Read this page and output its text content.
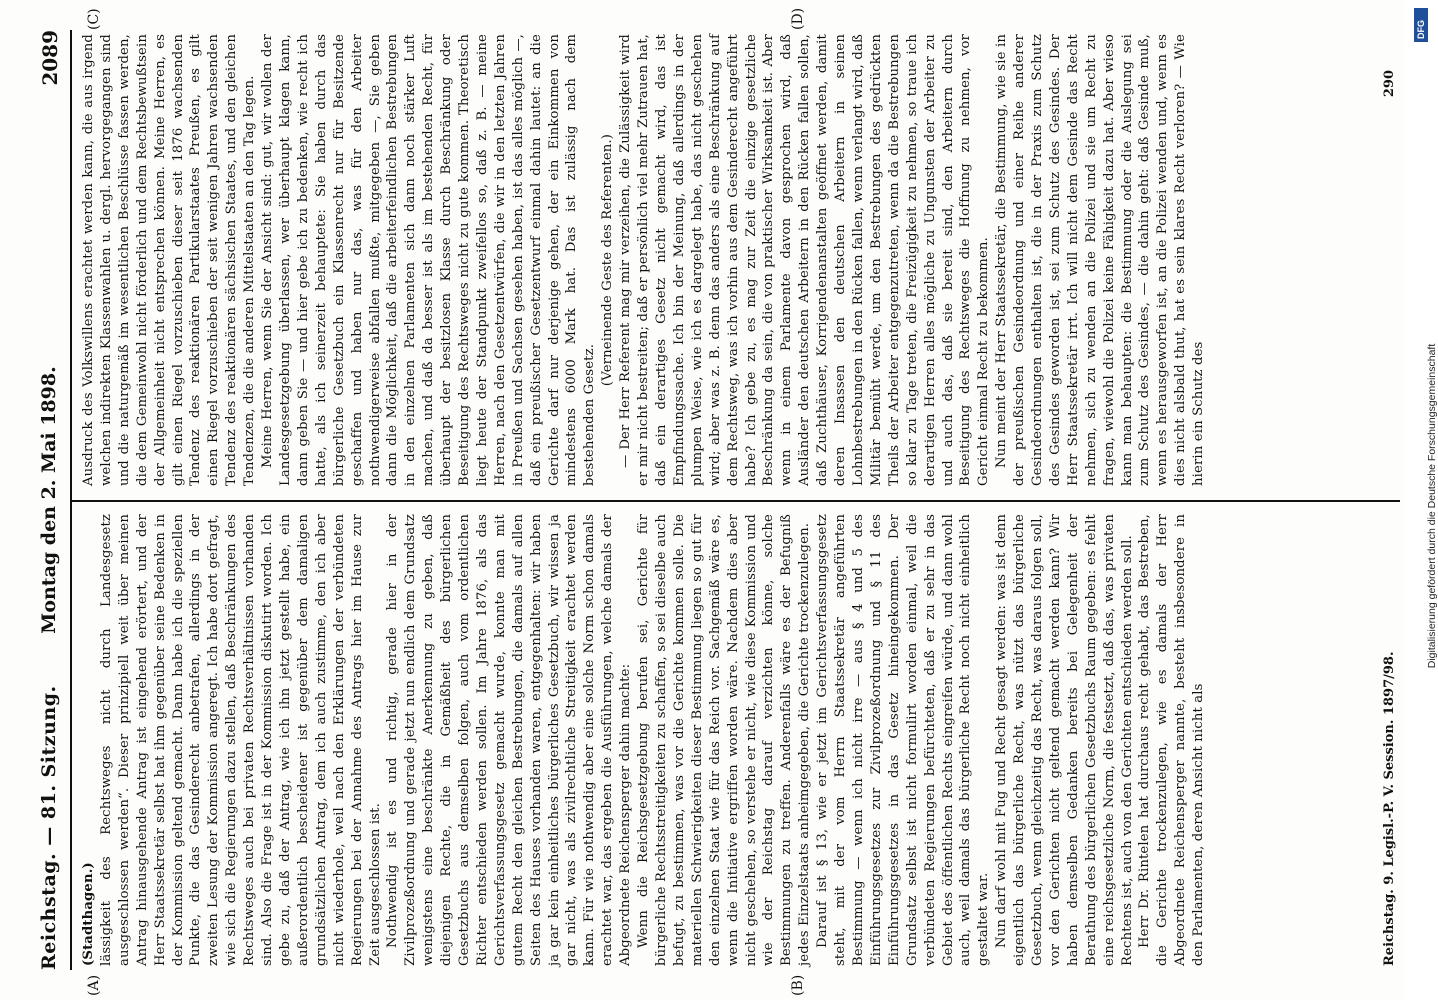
Reichstag. — 81. Sitzung.
Montag den 2. Mai 1898.
2089

(Stadthagen.) lässigkeit des Rechtsweges nicht durch Landesgesetz ausgeschlossen werden“. Dieser prinzipiell weit über meinen Antrag hinausgehende Antrag ist eingehend erörtert, und der Herr Staatssekretär selbst hat ihm gegenüber seine Bedenken in der Kommission geltend gemacht. Dann habe ich die speziellen Punkte, die das Gesinderecht anbetrafen, allerdings in der zweiten Lesung der Kommission angeregt. Ich habe dort gefragt, wie sich die Regierungen dazu stellen, daß Beschränkungen des Rechtsweges auch bei privaten Rechtsverhältnissen vorhanden sind. Also die Frage ist in der Kommission diskutirt worden. Ich gebe zu, daß der Antrag, wie ich ihn jetzt gestellt habe, ein außerordentlich bescheidener ist gegenüber dem damaligen grundsätzlichen Antrag, dem ich auch zustimme, den ich aber nicht wiederhole, weil nach den Erklärungen der verbündeten Regierungen bei der Annahme des Antrags hier im Hause zur Zeit ausgeschlossen ist. Nothwendig ist es und richtig, gerade hier in der Zivilprozeßordnung und gerade jetzt nun endlich dem Grundsatz wenigstens eine beschränkte Anerkennung zu geben, daß diejenigen Rechte, die in Gemäßheit des bürgerlichen Gesetzbuchs aus demselben folgen, auch vom ordentlichen Richter entschieden werden sollen. Im Jahre 1876, als das Gerichtsverfassungsgesetz gemacht wurde, konnte man mit gutem Recht den gleichen Bestrebungen, die damals auf allen Seiten des Hauses vorhanden waren, entgegenhalten: wir haben ja gar kein einheitliches bürgerliches Gesetzbuch, wir wissen ja gar nicht, was als zivilrechtliche Streitigkeit erachtet werden kann. Für wie nothwendig aber eine solche Norm schon damals erachtet war, das ergeben die Ausführungen, welche damals der Abgeordnete Reichensperger dahin machte: Wenn die Reichsgesetzgebung berufen sei, Gerichte für bürgerliche Rechtsstreitigkeiten zu schaffen, so sei dieselbe auch befugt, zu bestimmen, was vor die Gerichte kommen solle. Die materiellen Schwierigkeiten dieser Bestimmung liegen so gut für den einzelnen Staat wie für das Reich vor. Sachgemäß wäre es, wenn die Initiative ergriffen worden wäre. Nachdem dies aber nicht geschehen, so verstehe er nicht, wie diese Kommission und wie der Reichstag darauf verzichten könne, solche Bestimmungen zu treffen. Anderenfalls wäre es der Befugniß jedes Einzelstaats anheimgegeben, die Gerichte trockenzulegen. Darauf ist § 13, wie er jetzt im Gerichtsverfassungsgesetz steht, mit der vom Herrn Staatssekretär angeführten Bestimmung — wenn ich nicht irre — aus § 4 und 5 des Einführungsgesetzes zur Zivilprozeßordnung und § 11 des Einführungsgesetzes in das Gesetz hineingekommen. Der Grundsatz selbst ist nicht formulirt worden einmal, weil die verbündeten Regierungen befürchteten, daß er zu sehr in das Gebiet des öffentlichen Rechts eingreifen würde, und dann wohl auch, weil damals das bürgerliche Recht noch nicht einheitlich gestaltet war. Nun darf wohl mit Fug und Recht gesagt werden: was ist denn eigentlich das bürgerliche Recht, was nützt das bürgerliche Gesetzbuch, wenn gleichzeitig das Recht, was daraus folgen soll, vor den Gerichten nicht geltend gemacht werden kann? Wir haben demselben Gedanken bereits bei Gelegenheit der Berathung des bürgerlichen Gesetzbuchs Raum gegeben: es fehlt eine reichsgesetzliche Norm, die festsetzt, daß das, was privaten Rechtens ist, auch von den Gerichten entschieden werden soll. Herr Dr. Rintelen hat durchaus recht gehabt, das Bestreben, die Gerichte trockenzulegen, wie es damals der Herr Abgeordnete Reichensperger nannte, besteht insbesondere in den Parlamenten, deren Ansicht nicht als

Ausdruck des Volkswillens erachtet werden kann, die aus irgend welchen indirekten Klassenwahlen u. dergl. hervorgegangen sind und die naturgemäß im wesentlichen Beschlüsse fassen werden, die dem Gemeinwohl nicht förderlich und dem Rechtsbewußtsein der Allgemeinheit nicht entsprechen können. Meine Herren, es gilt einen Riegel vorzuschieben dieser seit 1876 wachsenden Tendenz des reaktionären Partikularstaates Preußen, es gilt einen Riegel vorzuschieben der seit wenigen Jahren wachsenden Tendenz des reaktionären sächsischen Staates, und den gleichen Tendenzen, die die anderen Mittelstaaten an den Tag legen. Meine Herren, wenn Sie der Ansicht sind: gut, wir wollen der Landesgesetzgebung überlassen, wer überhaupt klagen kann, dann geben Sie — und hier gebe ich zu bedenken, wie recht ich hatte, als ich seinerzeit behauptete: Sie haben durch das bürgerliche Gesetzbuch ein Klassenrecht nur für Besitzende geschaffen und haben nur das, was für den Arbeiter nothwendigerweise abfallen mußte, mitgegeben —, Sie geben dann die Möglichkeit, daß die arbeiterfeindlichen Bestrebungen in den einzelnen Parlamenten sich dann noch stärker Luft machen, und daß da besser ist als im bestehenden Recht, für überhaupt der besitzlosen Klasse durch Beschränkung oder Beseitigung des Rechtsweges nicht zu gute kommen. Theoretisch liegt heute der Standpunkt zweifellos so, daß z. B. — meine Herren, nach den Gesetzentwürfen, die wir in den letzten Jahren in Preußen und Sachsen gesehen haben, ist das alles möglich —, daß ein preußischer Gesetzentwurf einmal dahin lautet: an die Gerichte darf nur derjenige gehen, der ein Einkommen von mindestens 6000 Mark hat. Das ist zulässig nach dem bestehenden Gesetz.

(Verneinende Geste des Referenten.) — Der Herr Referent mag mir verzeihen, die Zulässigkeit wird er mir nicht bestreiten; daß er persönlich viel mehr Zutrauen hat, daß ein derartiges Gesetz nicht gemacht wird, das ist Empfindungssache. Ich bin der Meinung, daß allerdings in der plumpen Weise, wie ich es dargelegt habe, das nicht geschehen wird; aber was z. B. denn das anders als eine Beschränkung auf dem Rechtsweg, was ich vorhin aus dem Gesinderecht angeführt habe? Ich gebe zu, es mag zur Zeit die einzige gesetzliche Beschränkung da sein, die von praktischer Wirksamkeit ist. Aber wenn in einem Parlamente davon gesprochen wird, daß Ausländer den deutschen Arbeitern in den Rücken fallen sollen, daß Zuchthäuser, Korrigendenanstalten geöffnet werden, damit deren Insassen den deutschen Arbeitern in seinen Lohnbestrebungen in den Rücken fallen, wenn verlangt wird, daß Militär bemüht werde, um den Bestrebungen des gedrückten Theils der Arbeiter entgegenzutreten, wenn da die Bestrebungen so klar zu Tage treten, die Freizügigkeit zu nehmen, so traue ich derartigen Herren alles mögliche zu Ungunsten der Arbeiter zu und auch das, daß sie bereit sind, den Arbeitern durch Beseitigung des Rechtsweges die Hoffnung zu nehmen, vor Gericht einmal Recht zu bekommen. Nun meint der Herr Staatssekretär, die Bestimmung, wie sie in der preußischen Gesindeordnung und einer Reihe anderer Gesindeordnungen enthalten ist, die in der Praxis zum Schutz des Gesindes geworden ist, sei zum Schutz des Gesindes. Der Herr Staatssekretär irrt. Ich will nicht dem Gesinde das Recht nehmen, sich zu wenden an die Polizei und sie um Recht zu fragen, wiewohl die Polizei keine Fähigkeit dazu hat. Aber wieso kann man behaupten: die Bestimmung oder die Auslegung sei zum Schutz des Gesindes, — die dahin geht: daß Gesinde muß, wenn es herausgeworfen ist, an die Polizei wenden und, wenn es dies nicht alsbald thut, hat es sein klares Recht verloren? — Wie hierin ein Schutz des

(A)	(B)
(C)	(D)
Reichstag. 9. Legisl.-P. V. Session. 1897/98.
290
Digitalisierung gefördert durch die Deutsche Forschungsgemeinschaft
DFG
